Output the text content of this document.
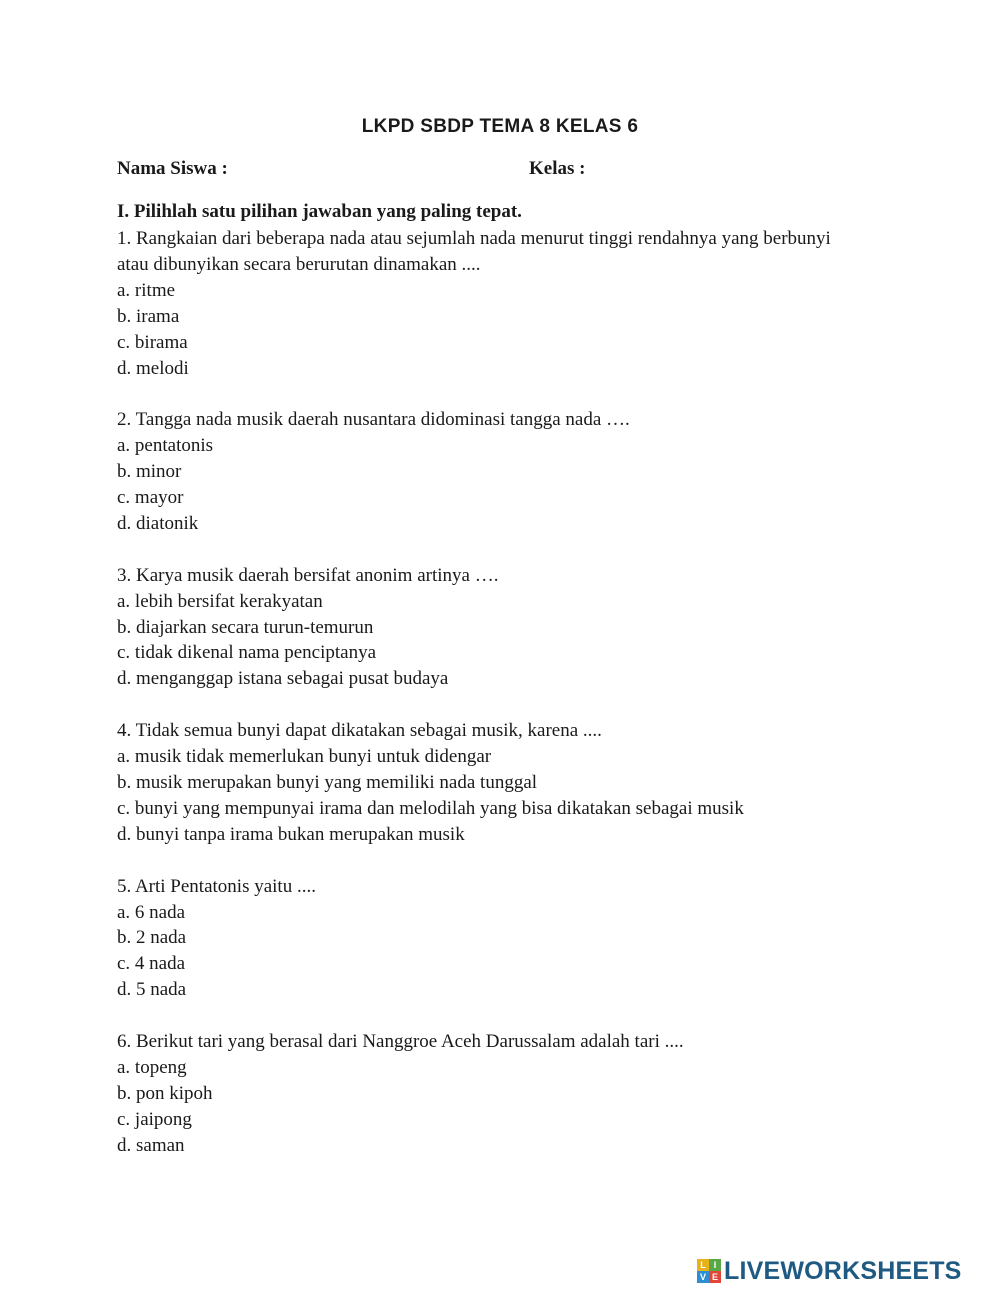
LKPD SBDP TEMA 8 KELAS 6
Nama Siswa :	Kelas :
I. Pilihlah satu pilihan jawaban yang paling tepat.
1. Rangkaian dari beberapa nada atau sejumlah nada menurut tinggi rendahnya yang berbunyi
atau dibunyikan secara berurutan dinamakan ....
a. ritme
b. irama
c. birama
d. melodi
2. Tangga nada musik daerah nusantara didominasi tangga nada ….
a. pentatonis
b. minor
c. mayor
d. diatonik
3. Karya musik daerah bersifat anonim artinya ….
a. lebih bersifat kerakyatan
b. diajarkan secara turun-temurun
c. tidak dikenal nama penciptanya
d. menganggap istana sebagai pusat budaya
4. Tidak semua bunyi dapat dikatakan sebagai musik, karena ....
a. musik tidak memerlukan bunyi untuk didengar
b. musik merupakan bunyi yang memiliki nada tunggal
c. bunyi yang mempunyai irama dan melodilah yang bisa dikatakan sebagai musik
d. bunyi tanpa irama bukan merupakan musik
5. Arti Pentatonis yaitu ....
a. 6 nada
b. 2 nada
c. 4 nada
d. 5 nada
6. Berikut tari yang berasal dari Nanggroe Aceh Darussalam adalah tari ....
a. topeng
b. pon kipoh
c. jaipong
d. saman
L I
V E LIVEWORKSHEETS
